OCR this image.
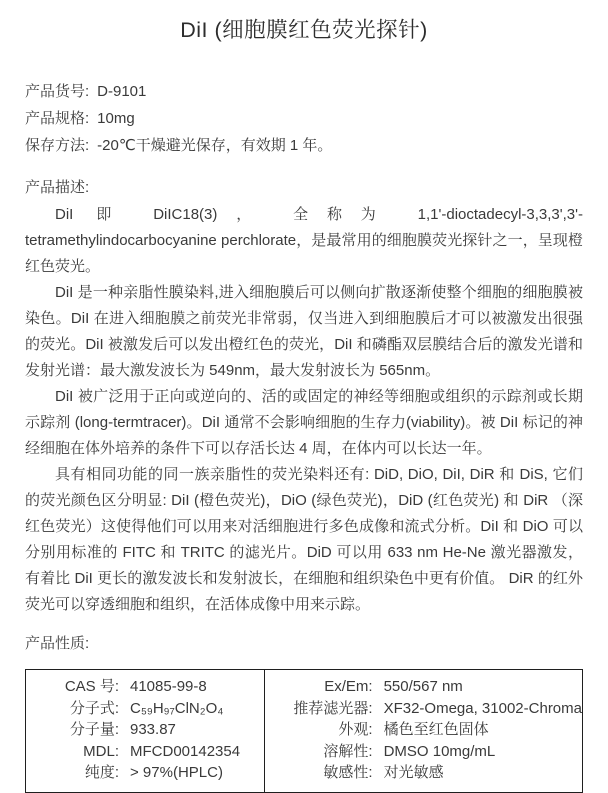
DiI (细胞膜红色荧光探针)
产品货号: D-9101
产品规格: 10mg
保存方法: -20℃干燥避光保存，有效期 1 年。
产品描述:

DiI 即 DiIC18(3)， 全称为 1,1'-dioctadecyl-3,3,3',3'-tetramethylindocarbocyanine perchlorate，是最常用的细胞膜荧光探针之一，呈现橙红色荧光。

DiI 是一种亲脂性膜染料,进入细胞膜后可以侧向扩散逐渐使整个细胞的细胞膜被染色。DiI 在进入细胞膜之前荧光非常弱，仅当进入到细胞膜后才可以被激发出很强的荧光。DiI 被激发后可以发出橙红色的荧光，DiI 和磷酯双层膜结合后的激发光谱和发射光谱：最大激发波长为 549nm，最大发射波长为 565nm。

DiI 被广泛用于正向或逆向的、活的或固定的神经等细胞或组织的示踪剂或长期示踪剂 (long-termtracer)。DiI 通常不会影响细胞的生存力(viability)。被 DiI 标记的神经细胞在体外培养的条件下可以存活长达 4 周，在体内可以长达一年。

具有相同功能的同一族亲脂性的荧光染料还有: DiD, DiO, DiI, DiR 和 DiS, 它们的荧光颜色区分明显: DiI (橙色荧光)，DiO (绿色荧光)，DiD (红色荧光) 和 DiR （深红色荧光）这使得他们可以用来对活细胞进行多色成像和流式分析。DiI 和 DiO 可以分别用标准的 FITC 和 TRITC 的滤光片。DiD 可以用 633 nm He-Ne 激光器激发，有着比 DiI 更长的激发波长和发射波长，在细胞和组织染色中更有价值。 DiR 的红外荧光可以穿透细胞和组织，在活体成像中用来示踪。

产品性质:
CAS 号: 41085-99-8
分子式: C₅₉H₉₇ClN₂O₄
分子量: 933.87
MDL: MFCD00142354
纯度: > 97%(HPLC)
Ex/Em: 550/567 nm
推荐滤光器: XF32-Omega, 31002-Chroma
外观: 橘色至红色固体
溶解性: DMSO 10mg/mL
敏感性: 对光敏感
